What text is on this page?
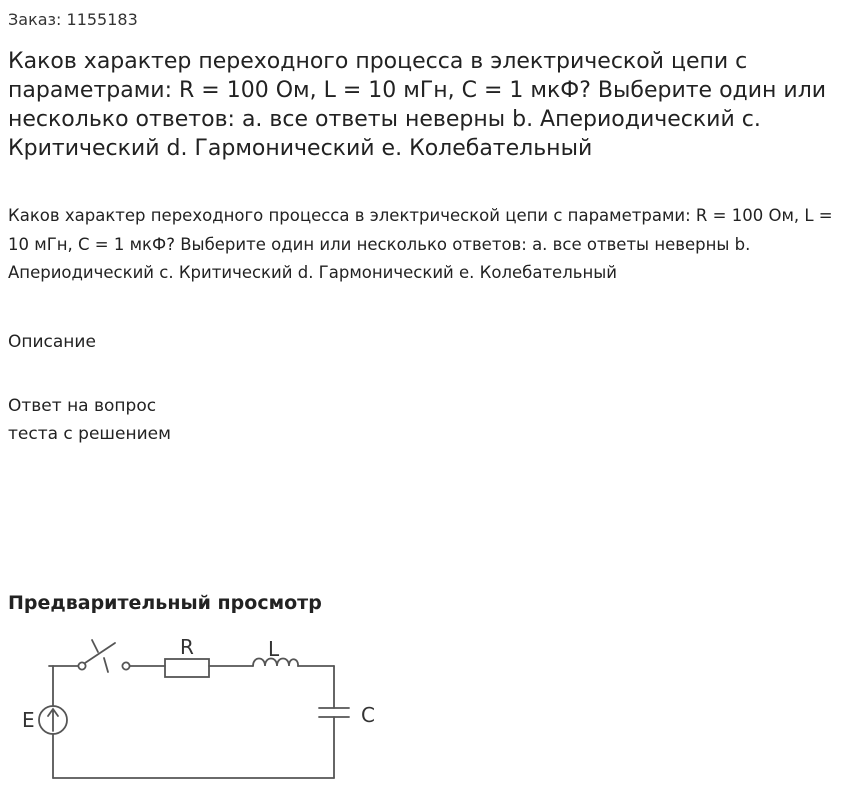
Заказ: 1155183
Каков характер переходного процесса в электрической цепи с параметрами: R = 100 Ом, L = 10 мГн, С = 1 мкФ? Выберите один или несколько ответов: a. все ответы неверны b. Апериодический c. Критический d. Гармонический e. Колебательный

Каков характер переходного процесса в электрической цепи с параметрами: R = 100 Ом, L = 10 мГн, С = 1 мкФ? Выберите один или несколько ответов: a. все ответы неверны b. Апериодический c. Критический d. Гармонический e. Колебательный

Описание
Ответ на вопрос теста с решением
Предварительный просмотр
E
R	L
C
